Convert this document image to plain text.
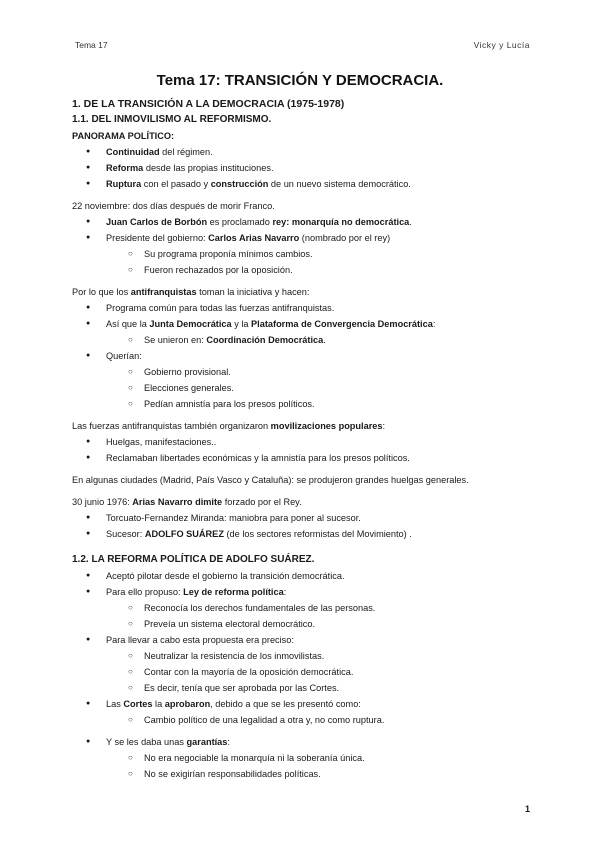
Tema 17	Vicky y Lucía
Tema 17: TRANSICIÓN Y DEMOCRACIA.

1. DE LA TRANSICIÓN A LA DEMOCRACIA (1975-1978)

1.1. DEL INMOVILISMO AL REFORMISMO.

PANORAMA POLÍTICO:

● Continuidad del régimen.
● Reforma desde las propias instituciones.
● Ruptura con el pasado y construcción de un nuevo sistema democrático.

22 noviembre: dos días después de morir Franco.

● Juan Carlos de Borbón es proclamado rey: monarquía no democrática.
● Presidente del gobierno: Carlos Arias Navarro (nombrado por el rey)
○ Su programa proponía mínimos cambios.
○ Fueron rechazados por la oposición.

Por lo que los antifranquistas toman la iniciativa y hacen:

● Programa común para todas las fuerzas antifranquistas.
● Así que la Junta Democrática y la Plataforma de Convergencia Democrática:
○ Se unieron en: Coordinación Democrática.
● Querían:
○ Gobierno provisional.
○ Elecciones generales.
○ Pedían amnistía para los presos políticos.

Las fuerzas antifranquistas también organizaron movilizaciones populares:

● Huelgas, manifestaciones..
● Reclamaban libertades económicas y la amnistía para los presos políticos.

En algunas ciudades (Madrid, País Vasco y Cataluña): se produjeron grandes huelgas generales.

30 junio 1976: Arias Navarro dimite forzado por el Rey.

● Torcuato-Fernandez Miranda: maniobra para poner al sucesor.
● Sucesor: ADOLFO SUÁREZ (de los sectores reformistas del Movimiento) .

1.2. LA REFORMA POLÍTICA DE ADOLFO SUÁREZ.

● Aceptó pilotar desde el gobierno la transición democrática.
● Para ello propuso: Ley de reforma política:
○ Reconocía los derechos fundamentales de las personas.
○ Preveía un sistema electoral democrático.
● Para llevar a cabo esta propuesta era preciso:
○ Neutralizar la resistencia de los inmovilistas.
○ Contar con la mayoría de la oposición democrática.
○ Es decir, tenía que ser aprobada por las Cortes.
● Las Cortes la aprobaron, debido a que se les presentó como:
○ Cambio político de una legalidad a otra y, no como ruptura.
● Y se les daba unas garantías:
○ No era negociable la monarquía ni la soberanía única.
○ No se exigirían responsabilidades políticas.
1
